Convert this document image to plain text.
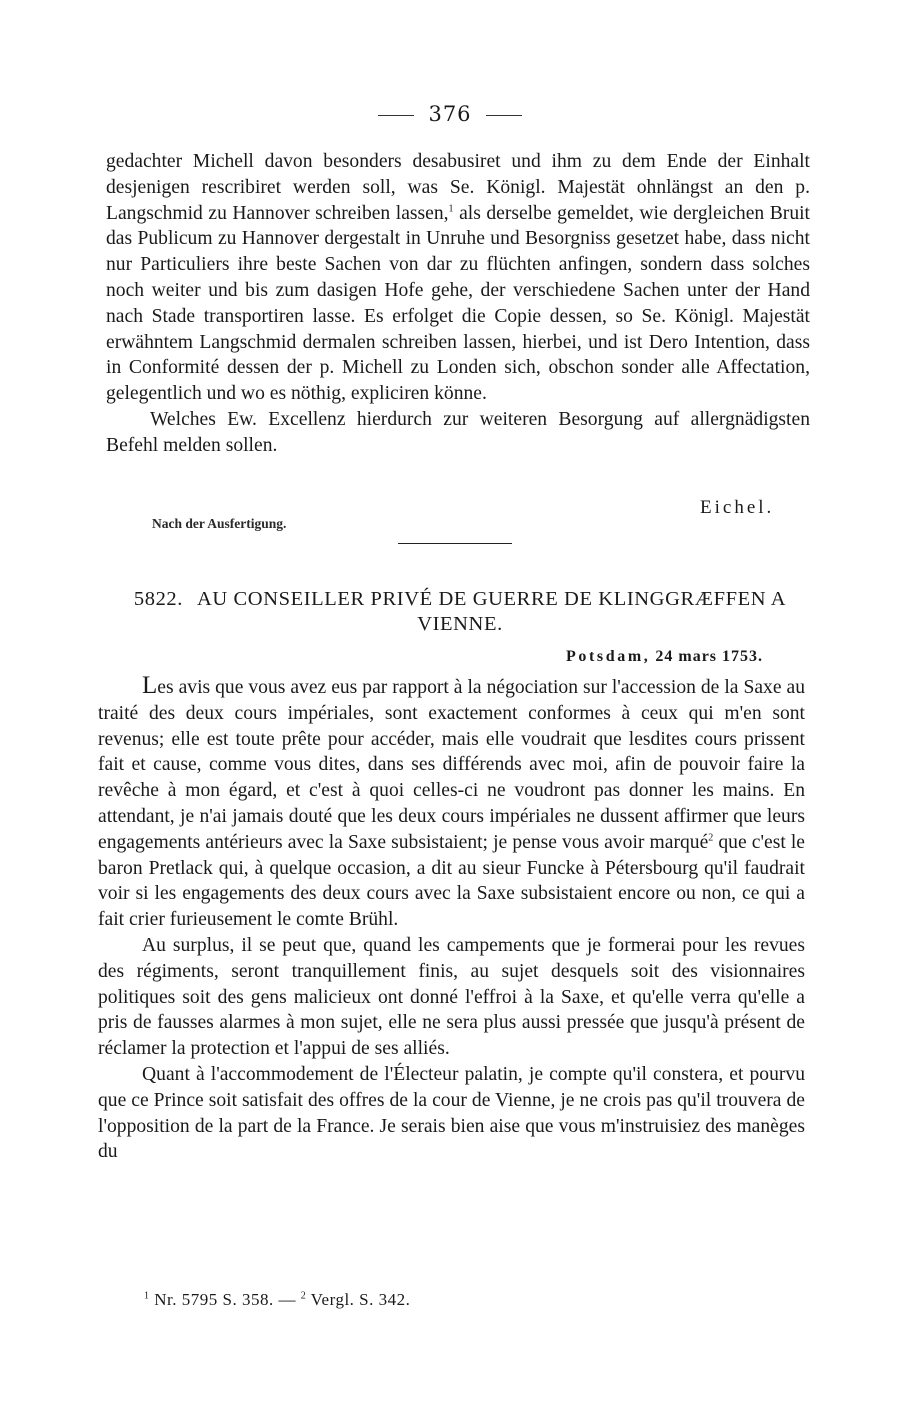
376

gedachter Michell davon besonders desabusiret und ihm zu dem Ende der Einhalt desjenigen rescribiret werden soll, was Se. Königl. Majestät ohnlängst an den p. Langschmid zu Hannover schreiben lassen,$^1$ als derselbe gemeldet, wie dergleichen Bruit das Publicum zu Hannover dergestalt in Unruhe und Besorgniss gesetzet habe, dass nicht nur Particuliers ihre beste Sachen von dar zu flüchten anfingen, sondern dass solches noch weiter und bis zum dasigen Hofe gehe, der verschiedene Sachen unter der Hand nach Stade transportiren lasse. Es erfolget die Copie dessen, so Se. Königl. Majestät erwähntem Langschmid dermalen schreiben lassen, hierbei, und ist Dero Intention, dass in Conformité dessen der p. Michell zu Londen sich, obschon sonder alle Affectation, gelegentlich und wo es nöthig, expliciren könne.

Welches Ew. Excellenz hierdurch zur weiteren Besorgung auf allergnädigsten Befehl melden sollen.

Eichel.
Nach der Ausfertigung.
5822. AU CONSEILLER PRIVÉ DE GUERRE DE KLINGGRÆFFEN A VIENNE.
Potsdam, 24 mars 1753.

Les avis que vous avez eus par rapport à la négociation sur l'accession de la Saxe au traité des deux cours impériales, sont exactement conformes à ceux qui m'en sont revenus; elle est toute prête pour accéder, mais elle voudrait que lesdites cours prissent fait et cause, comme vous dites, dans ses différends avec moi, afin de pouvoir faire la revêche à mon égard, et c'est à quoi celles-ci ne voudront pas donner les mains. En attendant, je n'ai jamais douté que les deux cours impériales ne dussent affirmer que leurs engagements antérieurs avec la Saxe subsistaient; je pense vous avoir marqué$^2$ que c'est le baron Pretlack qui, à quelque occasion, a dit au sieur Funcke à Pétersbourg qu'il faudrait voir si les engagements des deux cours avec la Saxe subsistaient encore ou non, ce qui a fait crier furieusement le comte Brühl.

Au surplus, il se peut que, quand les campements que je formerai pour les revues des régiments, seront tranquillement finis, au sujet desquels soit des visionnaires politiques soit des gens malicieux ont donné l'effroi à la Saxe, et qu'elle verra qu'elle a pris de fausses alarmes à mon sujet, elle ne sera plus aussi pressée que jusqu'à présent de réclamer la protection et l'appui de ses alliés.

Quant à l'accommodement de l'Électeur palatin, je compte qu'il constera, et pourvu que ce Prince soit satisfait des offres de la cour de Vienne, je ne crois pas qu'il trouvera de l'opposition de la part de la France. Je serais bien aise que vous m'instruisiez des manèges du

$^1$ Nr. 5795 S. 358. — $^2$ Vergl. S. 342.
